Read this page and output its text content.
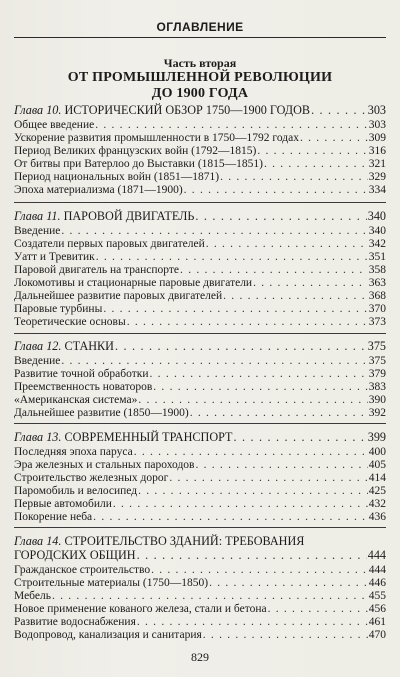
ОГЛАВЛЕНИЕ
Часть вторая
ОТ ПРОМЫШЛЕННОЙ РЕВОЛЮЦИИ
ДО 1900 ГОДА
Глава 10. ИСТОРИЧЕСКИЙ ОБЗОР 1750—1900 ГОДОВ . . .	303
Общее введение . . .	303
Ускорение развития промышленности в 1750—1792 годах . . .	309
Период Великих французских войн (1792—1815) . . .	316
От битвы при Ватерлоо до Выставки (1815—1851) . . .	321
Период национальных войн (1851—1871) . . .	329
Эпоха материализма (1871—1900) . . .	334
Глава 11. ПАРОВОЙ ДВИГАТЕЛЬ . . .	340
Введение . . .	340
Создатели первых паровых двигателей . . .	342
Уатт и Тревитик . . .	351
Паровой двигатель на транспорте . . .	358
Локомотивы и стационарные паровые двигатели . . .	363
Дальнейшее развитие паровых двигателей . . .	368
Паровые турбины . . .	370
Теоретические основы . . .	373
Глава 12. СТАНКИ . . .	375
Введение . . .	375
Развитие точной обработки . . .	379
Преемственность новаторов . . .	383
«Американская система» . . .	390
Дальнейшее развитие (1850—1900) . . .	392
Глава 13. СОВРЕМЕННЫЙ ТРАНСПОРТ . . .	399
Последняя эпоха паруса . . .	400
Эра железных и стальных пароходов . . .	405
Строительство железных дорог . . .	414
Паромобиль и велосипед . . .	425
Первые автомобили . . .	432
Покорение неба . . .	436
Глава 14. СТРОИТЕЛЬСТВО ЗДАНИЙ: ТРЕБОВАНИЯ
ГОРОДСКИХ ОБЩИН . . .	444
Гражданское строительство . . .	444
Строительные материалы (1750—1850) . . .	446
Мебель . . .	455
Новое применение кованого железа, стали и бетона . . .	456
Развитие водоснабжения . . .	461
Водопровод, канализация и санитария . . .	470
829
